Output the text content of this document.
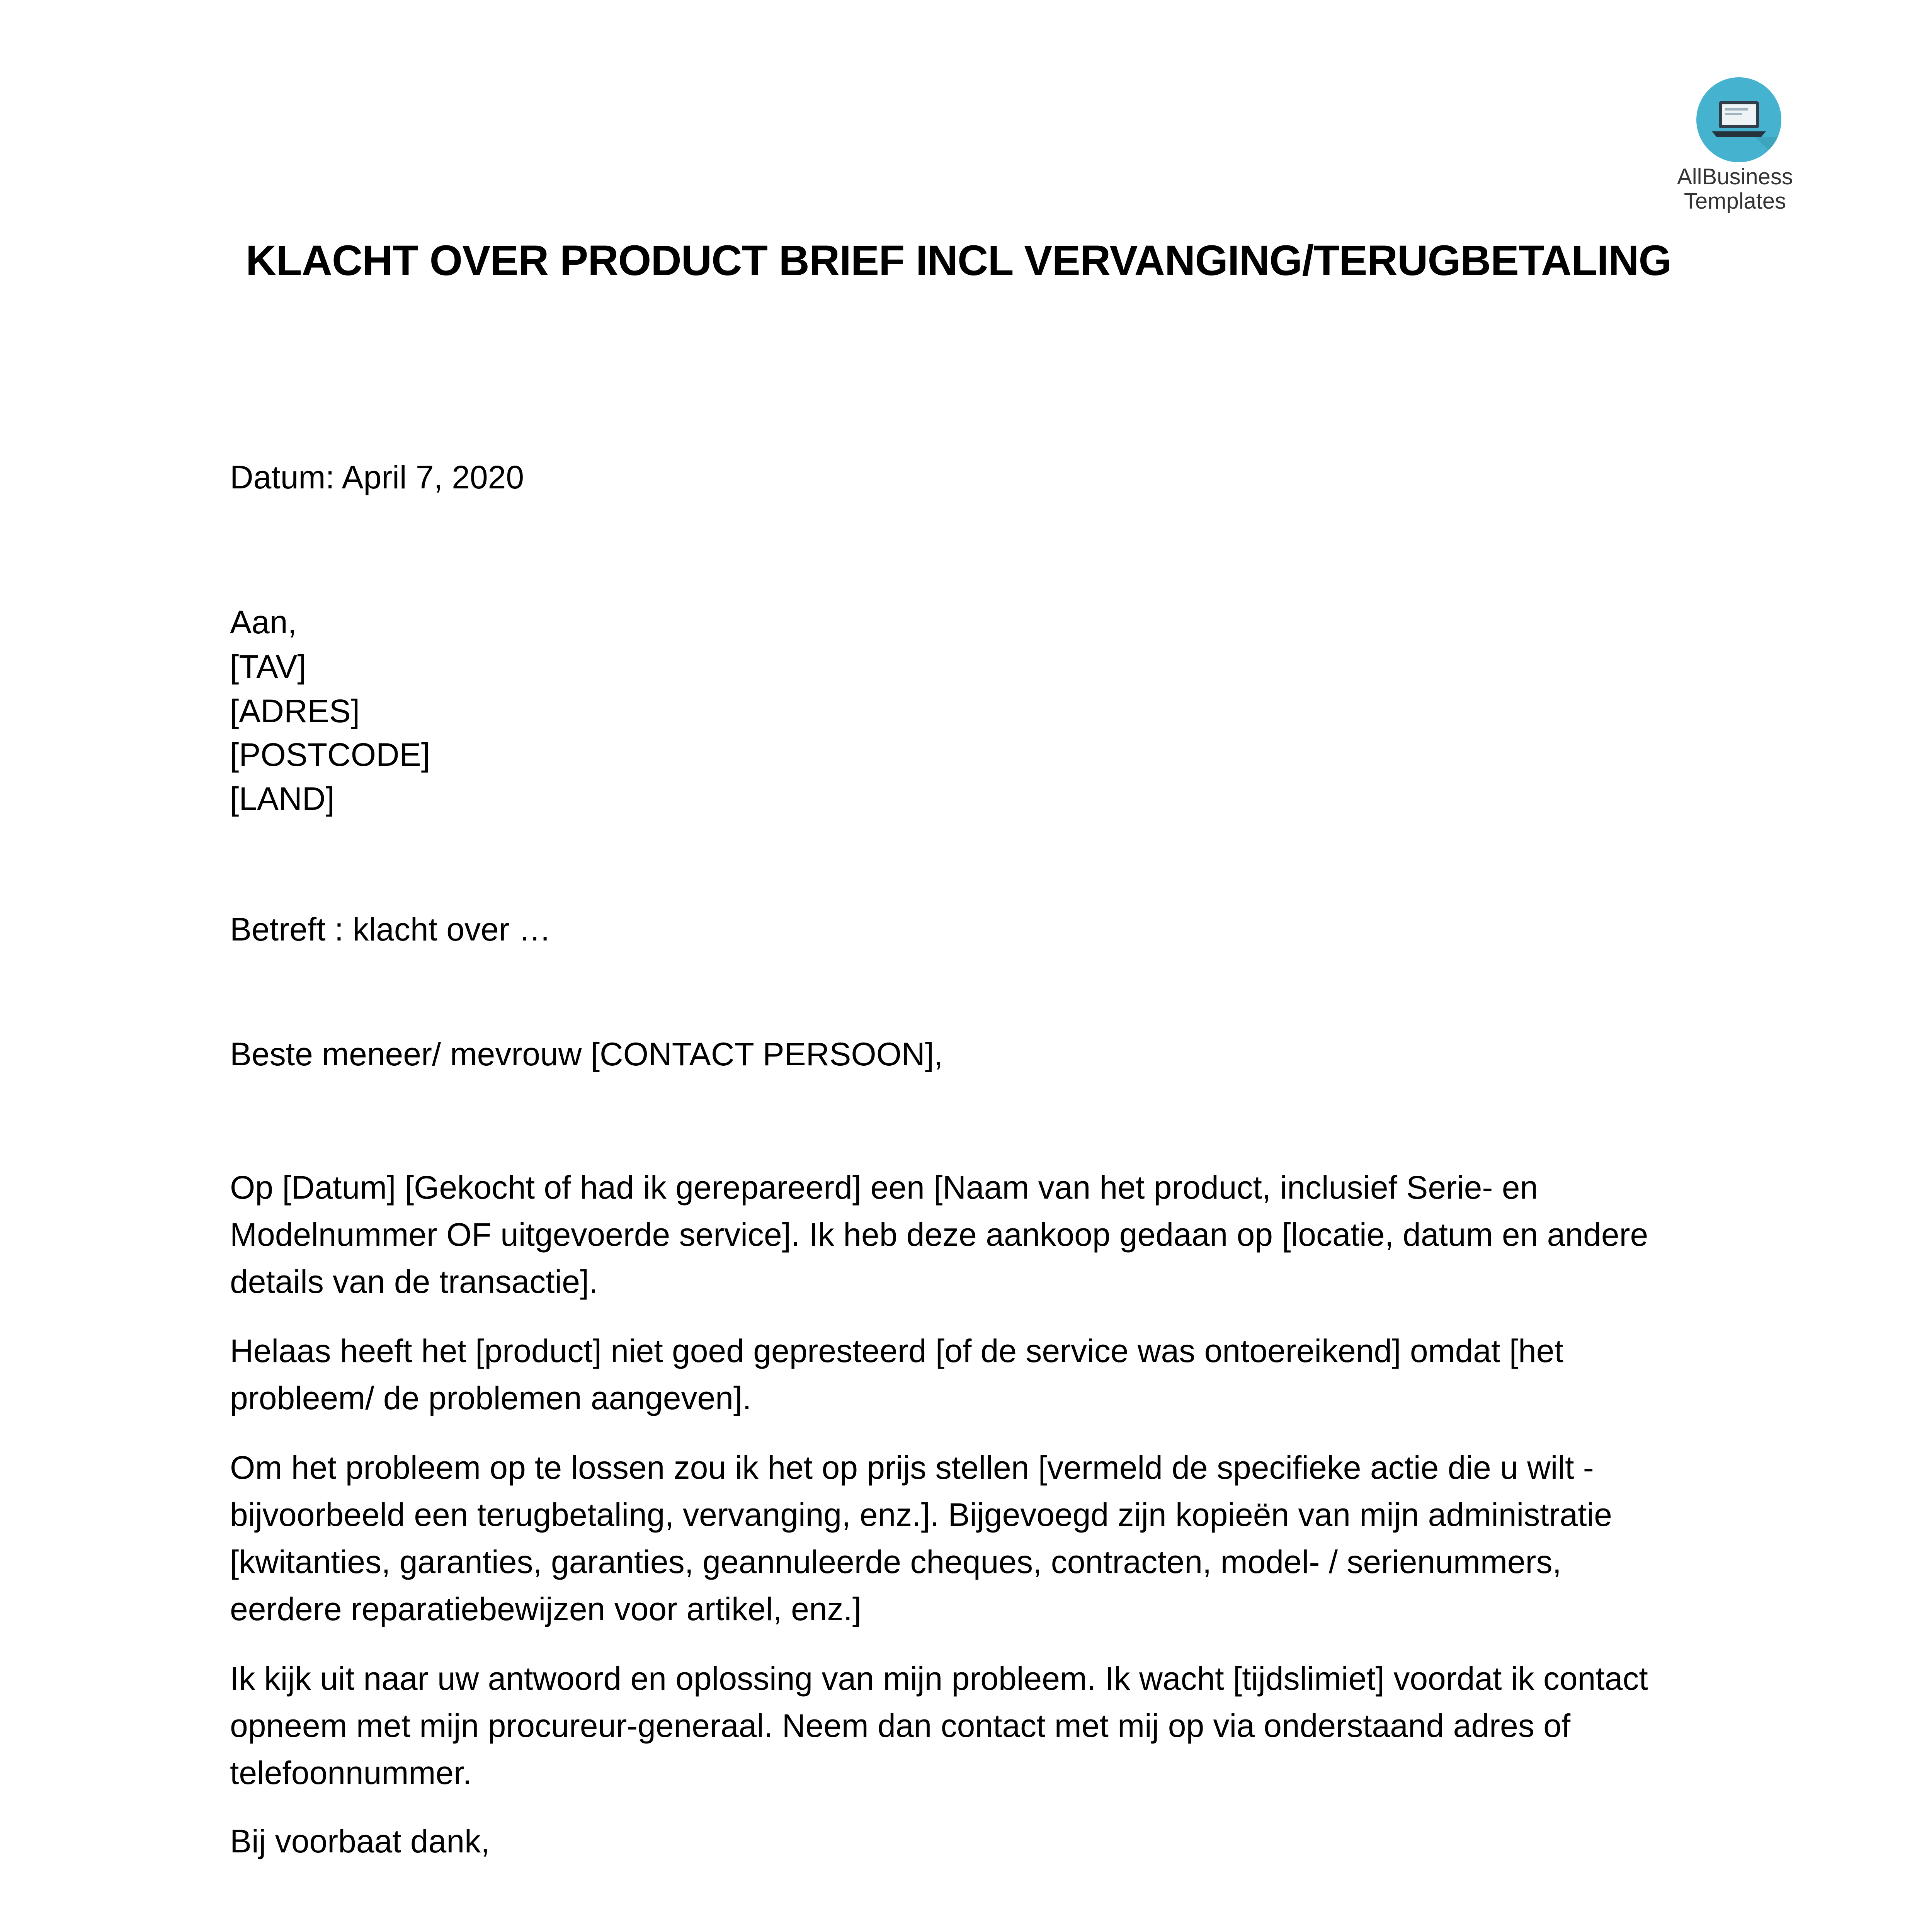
AllBusiness
Templates
KLACHT OVER PRODUCT BRIEF INCL VERVANGING/TERUGBETALING
Datum: April 7, 2020
Aan,
[TAV]
[ADRES]
[POSTCODE]
[LAND]
Betreft : klacht over …
Beste meneer/ mevrouw [CONTACT PERSOON],
Op [Datum] [Gekocht of had ik gerepareerd] een [Naam van het product, inclusief Serie- en
Modelnummer OF uitgevoerde service]. Ik heb deze aankoop gedaan op [locatie, datum en andere
details van de transactie].
Helaas heeft het [product] niet goed gepresteerd [of de service was ontoereikend] omdat [het
probleem/ de problemen aangeven].
Om het probleem op te lossen zou ik het op prijs stellen [vermeld de specifieke actie die u wilt -
bijvoorbeeld een terugbetaling, vervanging, enz.]. Bijgevoegd zijn kopieën van mijn administratie
[kwitanties, garanties, garanties, geannuleerde cheques, contracten, model- / serienummers,
eerdere reparatiebewijzen voor artikel, enz.]
Ik kijk uit naar uw antwoord en oplossing van mijn probleem. Ik wacht [tijdslimiet] voordat ik contact
opneem met mijn procureur-generaal. Neem dan contact met mij op via onderstaand adres of
telefoonnummer.
Bij voorbaat dank,
